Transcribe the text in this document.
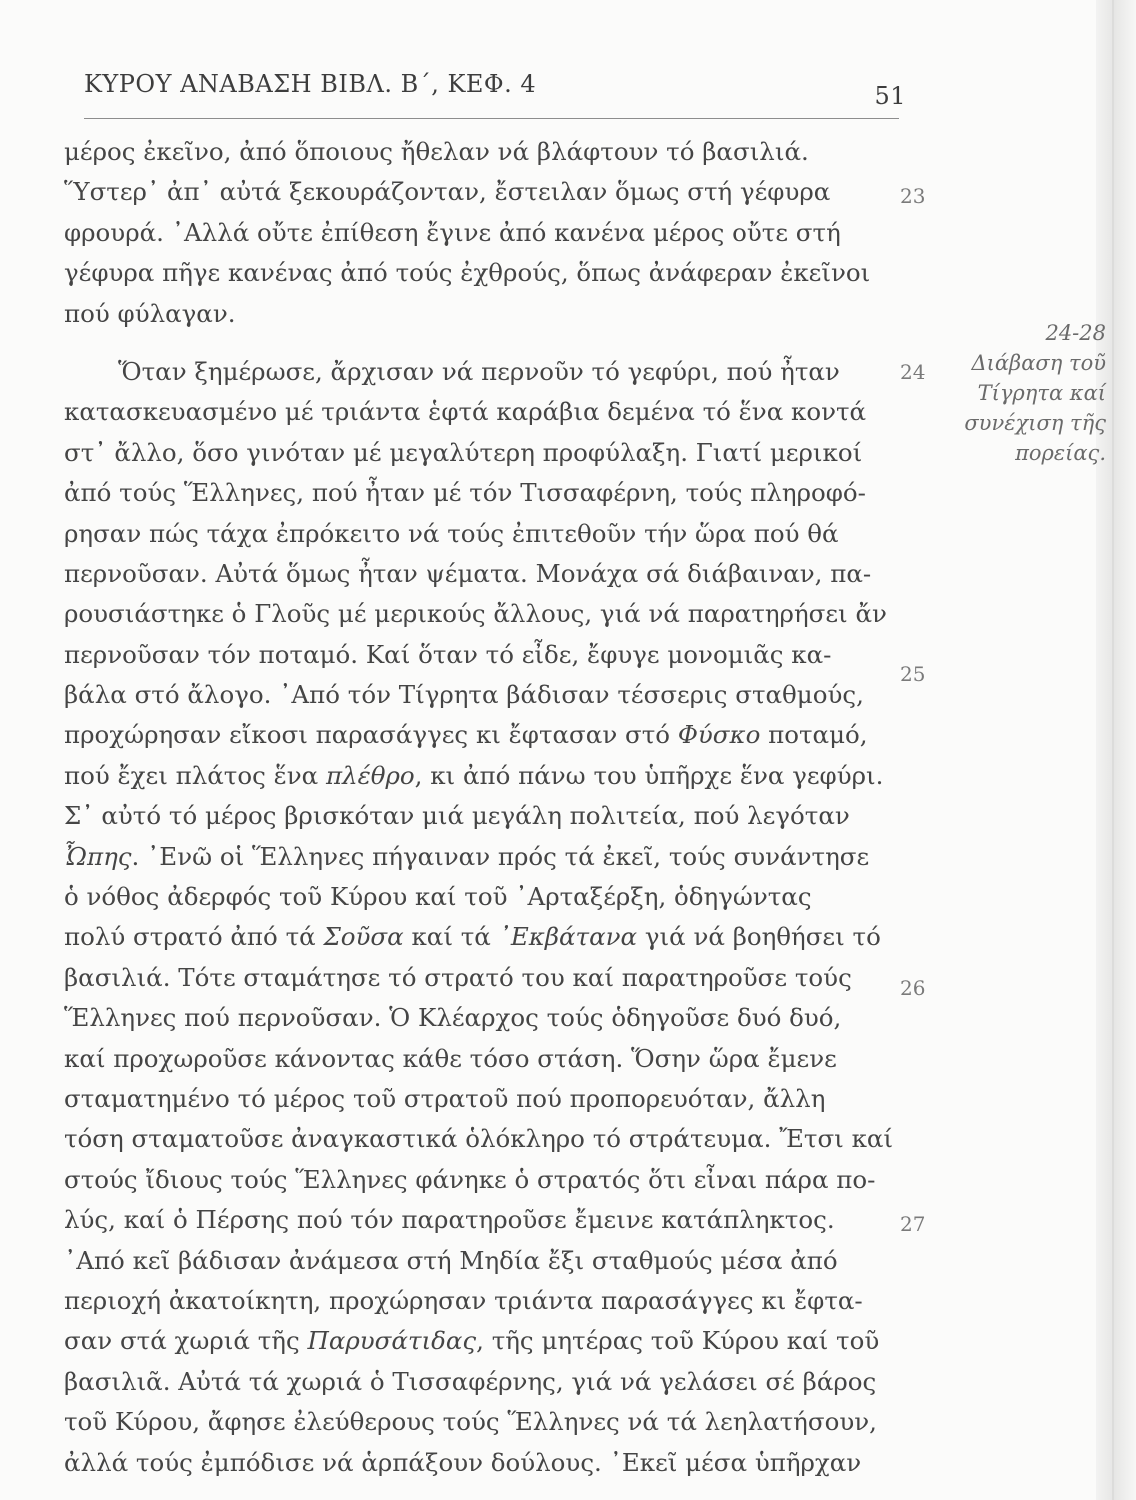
ΚΥΡΟΥ ΑΝΑΒΑΣΗ ΒΙΒΛ. Β΄, ΚΕΦ. 4	51
μέρος ἐκεῖνο, ἀπό ὅποιους ἤθελαν νά βλάφτουν τό βασιλιά.
Ὕστερ᾽ ἀπ᾽ αὐτά ξεκουράζονταν, ἔστειλαν ὅμως στή γέφυρα
φρουρά. ᾽Αλλά οὔτε ἐπίθεση ἔγινε ἀπό κανένα μέρος οὔτε στή
γέφυρα πῆγε κανένας ἀπό τούς ἐχθρούς, ὅπως ἀνάφεραν ἐκεῖνοι
πού φύλαγαν.
Ὅταν ξημέρωσε, ἄρχισαν νά περνοῦν τό γεφύρι, πού ἦταν
κατασκευασμένο μέ τριάντα ἑφτά καράβια δεμένα τό ἕνα κοντά
στ᾽ ἄλλο, ὅσο γινόταν μέ μεγαλύτερη προφύλαξη. Γιατί μερικοί
ἀπό τούς Ἕλληνες, πού ἦταν μέ τόν Τισσαφέρνη, τούς πληροφό-
ρησαν πώς τάχα ἐπρόκειτο νά τούς ἐπιτεθοῦν τήν ὥρα πού θά
περνοῦσαν. Αὐτά ὅμως ἦταν ψέματα. Μονάχα σά διάβαιναν, πα-
ρουσιάστηκε ὁ Γλοῦς μέ μερικούς ἄλλους, γιά νά παρατηρήσει ἄν
περνοῦσαν τόν ποταμό. Καί ὅταν τό εἶδε, ἔφυγε μονομιᾶς κα-
βάλα στό ἄλογο. ᾽Από τόν Τίγρητα βάδισαν τέσσερις σταθμούς,
προχώρησαν εἴκοσι παρασάγγες κι ἔφτασαν στό Φύσκο ποταμό,
πού ἔχει πλάτος ἕνα πλέθρο, κι ἀπό πάνω του ὑπῆρχε ἕνα γεφύρι.
Σ᾽ αὐτό τό μέρος βρισκόταν μιά μεγάλη πολιτεία, πού λεγόταν
Ὦπης. ᾽Ενῶ οἱ Ἕλληνες πήγαιναν πρός τά ἐκεῖ, τούς συνάντησε
ὁ νόθος ἀδερφός τοῦ Κύρου καί τοῦ ᾽Αρταξέρξη, ὁδηγώντας
πολύ στρατό ἀπό τά Σοῦσα καί τά ᾽Εκβάτανα γιά νά βοηθήσει τό
βασιλιά. Τότε σταμάτησε τό στρατό του καί παρατηροῦσε τούς
Ἕλληνες πού περνοῦσαν. Ὁ Κλέαρχος τούς ὁδηγοῦσε δυό δυό,
καί προχωροῦσε κάνοντας κάθε τόσο στάση. Ὅσην ὥρα ἔμενε
σταματημένο τό μέρος τοῦ στρατοῦ πού προπορευόταν, ἄλλη
τόση σταματοῦσε ἀναγκαστικά ὁλόκληρο τό στράτευμα. Ἔτσι καί
στούς ἴδιους τούς Ἕλληνες φάνηκε ὁ στρατός ὅτι εἶναι πάρα πο-
λύς, καί ὁ Πέρσης πού τόν παρατηροῦσε ἔμεινε κατάπληκτος.
᾽Από κεῖ βάδισαν ἀνάμεσα στή Μηδία ἔξι σταθμούς μέσα ἀπό
περιοχή ἀκατοίκητη, προχώρησαν τριάντα παρασάγγες κι ἔφτα-
σαν στά χωριά τῆς Παρυσάτιδας, τῆς μητέρας τοῦ Κύρου καί τοῦ
βασιλιᾶ. Αὐτά τά χωριά ὁ Τισσαφέρνης, γιά νά γελάσει σέ βάρος
τοῦ Κύρου, ἄφησε ἐλεύθερους τούς Ἕλληνες νά τά λεηλατήσουν,
ἀλλά τούς ἐμπόδισε νά ἁρπάξουν δούλους. ᾽Εκεῖ μέσα ὑπῆρχαν
23
24
25
26
27
24-28
Διάβαση τοῦ
Τίγρητα καί
συνέχιση τῆς
πορείας.
